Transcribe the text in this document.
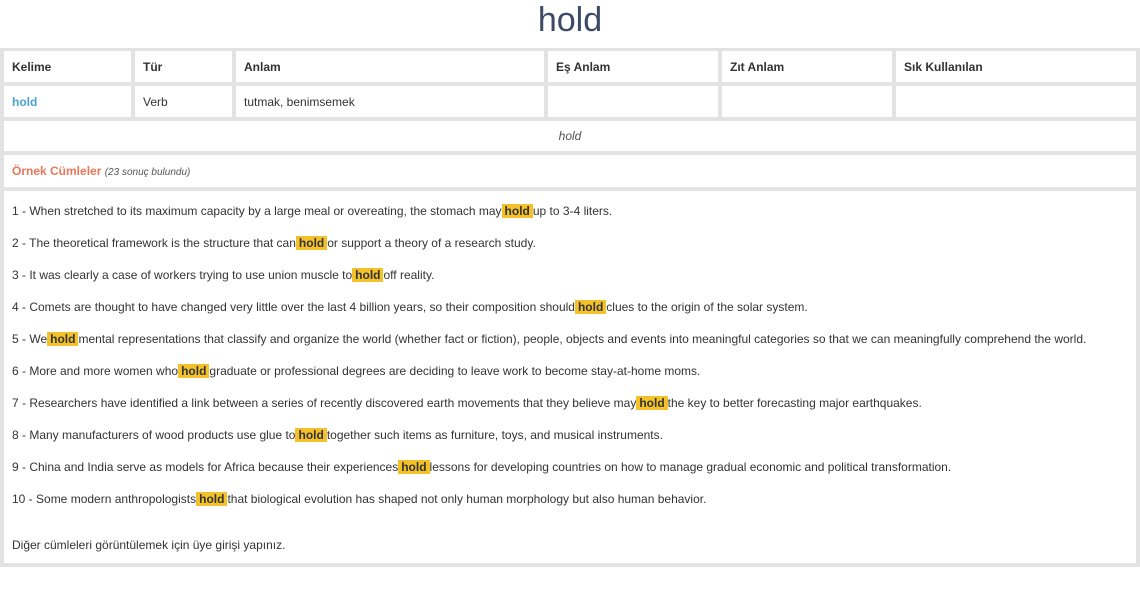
hold
Kelime	Tür	Anlam	Eş Anlam	Zıt Anlam	Sık Kullanılan
hold	Verb	tutmak, benimsemek			
hold
Örnek Cümleler (23 sonuç bulundu)
1 - When stretched to its maximum capacity by a large meal or overeating, the stomach may hold up to 3-4 liters.
2 - The theoretical framework is the structure that can hold or support a theory of a research study.
3 - It was clearly a case of workers trying to use union muscle to hold off reality.
4 - Comets are thought to have changed very little over the last 4 billion years, so their composition should hold clues to the origin of the solar system.
5 - We hold mental representations that classify and organize the world (whether fact or fiction), people, objects and events into meaningful categories so that we can meaningfully comprehend the world.
6 - More and more women who hold graduate or professional degrees are deciding to leave work to become stay-at-home moms.
7 - Researchers have identified a link between a series of recently discovered earth movements that they believe may hold the key to better forecasting major earthquakes.
8 - Many manufacturers of wood products use glue to hold together such items as furniture, toys, and musical instruments.
9 - China and India serve as models for Africa because their experiences hold lessons for developing countries on how to manage gradual economic and political transformation.
10 - Some modern anthropologists hold that biological evolution has shaped not only human morphology but also human behavior.
Diğer cümleleri görüntülemek için üye girişi yapınız.
